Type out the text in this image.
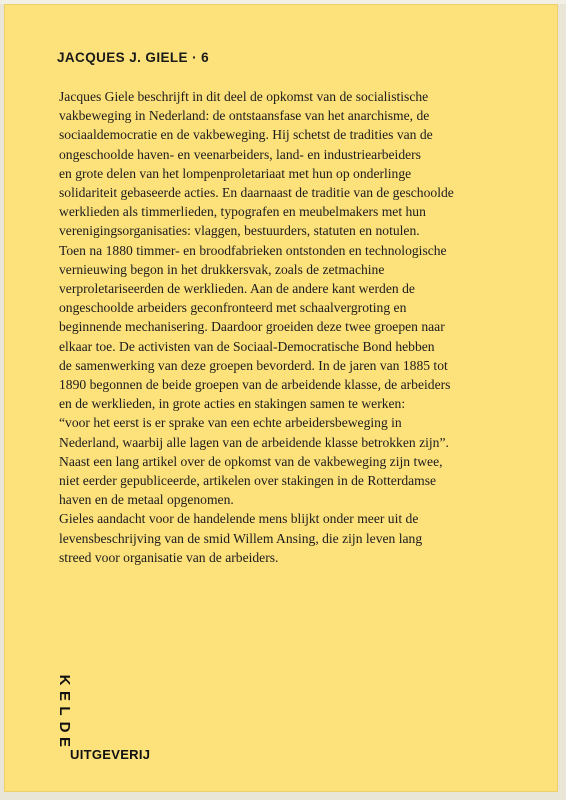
JACQUES J. GIELE · 6
Jacques Giele beschrijft in dit deel de opkomst van de socialistische
vakbeweging in Nederland: de ontstaansfase van het anarchisme, de
sociaaldemocratie en de vakbeweging. Hij schetst de tradities van de
ongeschoolde haven- en veenarbeiders, land- en industriearbeiders
en grote delen van het lompenproletariaat met hun op onderlinge
solidariteit gebaseerde acties. En daarnaast de traditie van de geschoolde
werklieden als timmerlieden, typografen en meubelmakers met hun
verenigingsorganisaties: vlaggen, bestuurders, statuten en notulen.
Toen na 1880 timmer- en broodfabrieken ontstonden en technologische
vernieuwing begon in het drukkersvak, zoals de zetmachine
verproletariseerden de werklieden. Aan de andere kant werden de
ongeschoolde arbeiders geconfronteerd met schaalvergroting en
beginnende mechanisering. Daardoor groeiden deze twee groepen naar
elkaar toe. De activisten van de Sociaal-Democratische Bond hebben
de samenwerking van deze groepen bevorderd. In de jaren van 1885 tot
1890 begonnen de beide groepen van de arbeidende klasse, de arbeiders
en de werklieden, in grote acties en stakingen samen te werken:
“voor het eerst is er sprake van een echte arbeidersbeweging in
Nederland, waarbij alle lagen van de arbeidende klasse betrokken zijn”.
Naast een lang artikel over de opkomst van de vakbeweging zijn twee,
niet eerder gepubliceerde, artikelen over stakingen in de Rotterdamse
haven en de metaal opgenomen.
Gieles aandacht voor de handelende mens blijkt onder meer uit de
levensbeschrijving van de smid Willem Ansing, die zijn leven lang
streed voor organisatie van de arbeiders.
K
E
L
D
E
UITGEVERIJ
